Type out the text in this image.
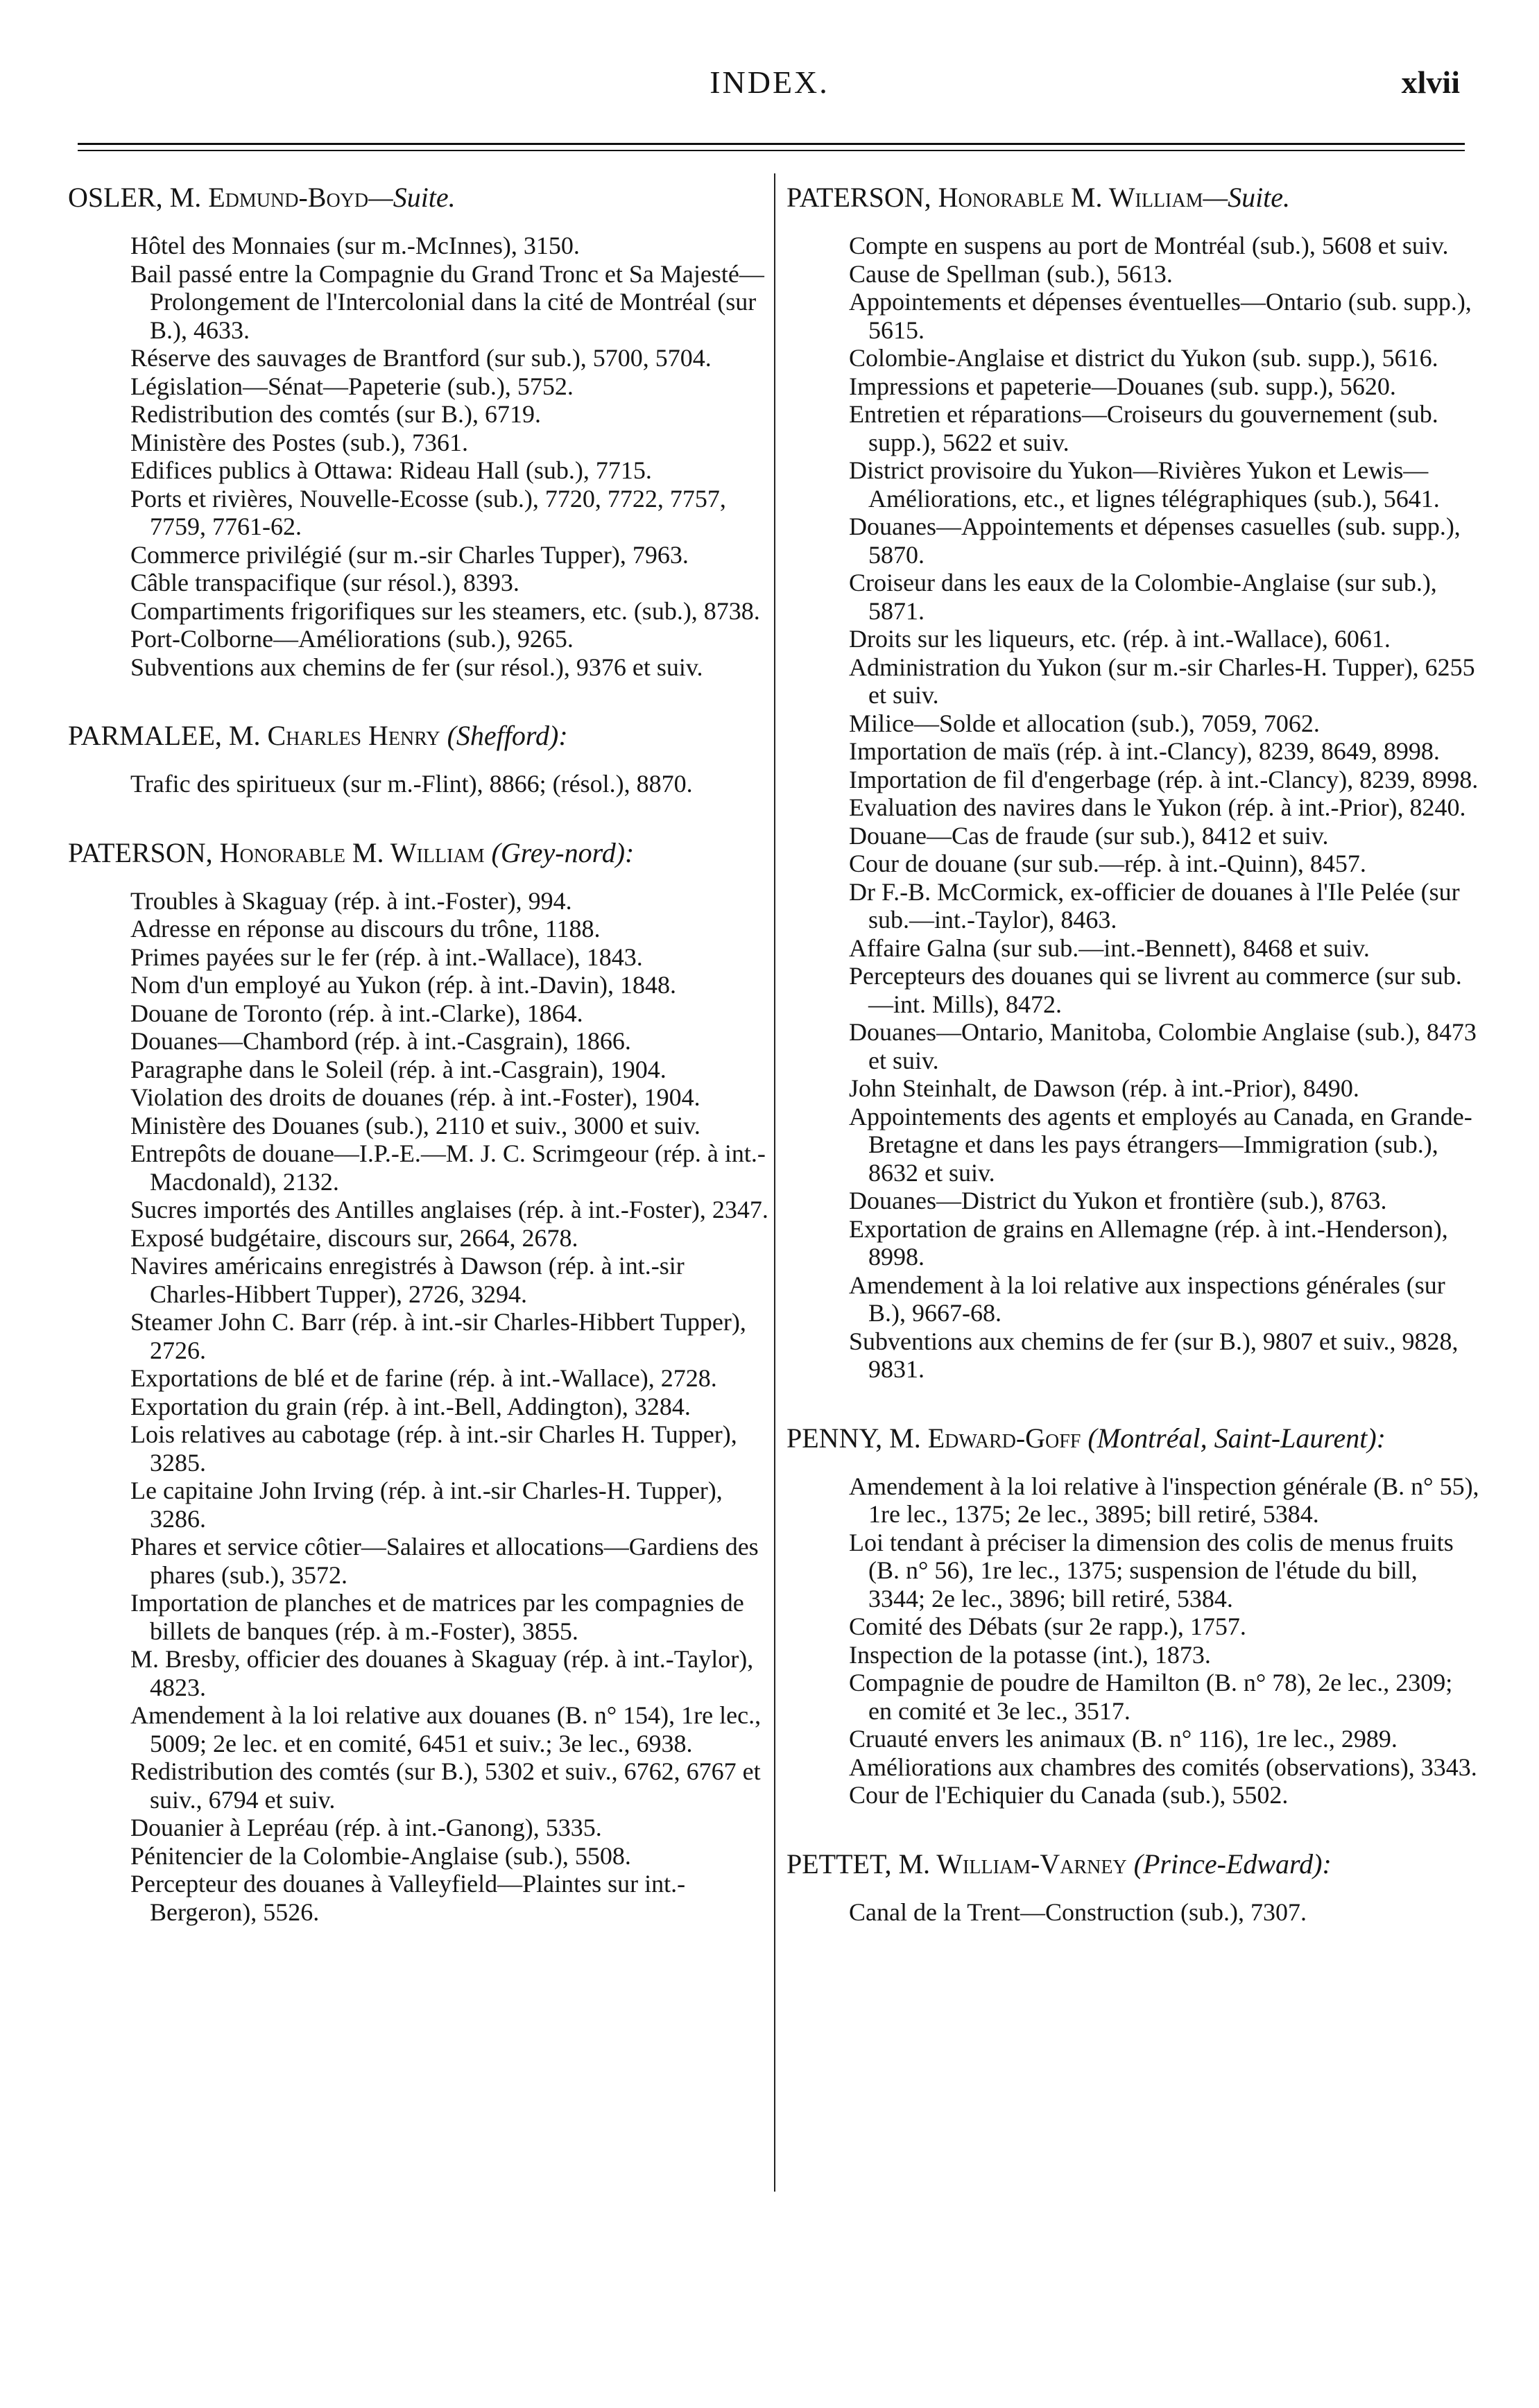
INDEX.	xlvii
OSLER, M. Edmund-Boyd—Suite.
Hôtel des Monnaies (sur m.-McInnes), 3150.
Bail passé entre la Compagnie du Grand Tronc et Sa Majesté—Prolongement de l'Intercolonial dans la cité de Montréal (sur B.), 4633.
Réserve des sauvages de Brantford (sur sub.), 5700, 5704.
Législation—Sénat—Papeterie (sub.), 5752.
Redistribution des comtés (sur B.), 6719.
Ministère des Postes (sub.), 7361.
Edifices publics à Ottawa: Rideau Hall (sub.), 7715.
Ports et rivières, Nouvelle-Ecosse (sub.), 7720, 7722, 7757, 7759, 7761-62.
Commerce privilégié (sur m.-sir Charles Tupper), 7963.
Câble transpacifique (sur résol.), 8393.
Compartiments frigorifiques sur les steamers, etc. (sub.), 8738.
Port-Colborne—Améliorations (sub.), 9265.
Subventions aux chemins de fer (sur résol.), 9376 et suiv.
PARMALEE, M. Charles Henry (Shefford):
Trafic des spiritueux (sur m.-Flint), 8866; (résol.), 8870.
PATERSON, Honorable M. William (Grey-nord):
Troubles à Skaguay (rép. à int.-Foster), 994.
Adresse en réponse au discours du trône, 1188.
Primes payées sur le fer (rép. à int.-Wallace), 1843.
Nom d'un employé au Yukon (rép. à int.-Davin), 1848.
Douane de Toronto (rép. à int.-Clarke), 1864.
Douanes—Chambord (rép. à int.-Casgrain), 1866.
Paragraphe dans le Soleil (rép. à int.-Casgrain), 1904.
Violation des droits de douanes (rép. à int.-Foster), 1904.
Ministère des Douanes (sub.), 2110 et suiv., 3000 et suiv.
Entrepôts de douane—I.P.-E.—M. J. C. Scrimgeour (rép. à int.-Macdonald), 2132.
Sucres importés des Antilles anglaises (rép. à int.-Foster), 2347.
Exposé budgétaire, discours sur, 2664, 2678.
Navires américains enregistrés à Dawson (rép. à int.-sir Charles-Hibbert Tupper), 2726, 3294.
Steamer John C. Barr (rép. à int.-sir Charles-Hibbert Tupper), 2726.
Exportations de blé et de farine (rép. à int.-Wallace), 2728.
Exportation du grain (rép. à int.-Bell, Addington), 3284.
Lois relatives au cabotage (rép. à int.-sir Charles H. Tupper), 3285.
Le capitaine John Irving (rép. à int.-sir Charles-H. Tupper), 3286.
Phares et service côtier—Salaires et allocations—Gardiens des phares (sub.), 3572.
Importation de planches et de matrices par les compagnies de billets de banques (rép. à m.-Foster), 3855.
M. Bresby, officier des douanes à Skaguay (rép. à int.-Taylor), 4823.
Amendement à la loi relative aux douanes (B. n° 154), 1re lec., 5009; 2e lec. et en comité, 6451 et suiv.; 3e lec., 6938.
Redistribution des comtés (sur B.), 5302 et suiv., 6762, 6767 et suiv., 6794 et suiv.
Douanier à Lepréau (rép. à int.-Ganong), 5335.
Pénitencier de la Colombie-Anglaise (sub.), 5508.
Percepteur des douanes à Valleyfield—Plaintes sur int.-Bergeron), 5526.
PATERSON, Honorable M. William—Suite.
Compte en suspens au port de Montréal (sub.), 5608 et suiv.
Cause de Spellman (sub.), 5613.
Appointements et dépenses éventuelles—Ontario (sub. supp.), 5615.
Colombie-Anglaise et district du Yukon (sub. supp.), 5616.
Impressions et papeterie—Douanes (sub. supp.), 5620.
Entretien et réparations—Croiseurs du gouvernement (sub. supp.), 5622 et suiv.
District provisoire du Yukon—Rivières Yukon et Lewis—Améliorations, etc., et lignes télégraphiques (sub.), 5641.
Douanes—Appointements et dépenses casuelles (sub. supp.), 5870.
Croiseur dans les eaux de la Colombie-Anglaise (sur sub.), 5871.
Droits sur les liqueurs, etc. (rép. à int.-Wallace), 6061.
Administration du Yukon (sur m.-sir Charles-H. Tupper), 6255 et suiv.
Milice—Solde et allocation (sub.), 7059, 7062.
Importation de maïs (rép. à int.-Clancy), 8239, 8649, 8998.
Importation de fil d'engerbage (rép. à int.-Clancy), 8239, 8998.
Evaluation des navires dans le Yukon (rép. à int.-Prior), 8240.
Douane—Cas de fraude (sur sub.), 8412 et suiv.
Cour de douane (sur sub.—rép. à int.-Quinn), 8457.
Dr F.-B. McCormick, ex-officier de douanes à l'Ile Pelée (sur sub.—int.-Taylor), 8463.
Affaire Galna (sur sub.—int.-Bennett), 8468 et suiv.
Percepteurs des douanes qui se livrent au commerce (sur sub.—int. Mills), 8472.
Douanes—Ontario, Manitoba, Colombie Anglaise (sub.), 8473 et suiv.
John Steinhalt, de Dawson (rép. à int.-Prior), 8490.
Appointements des agents et employés au Canada, en Grande-Bretagne et dans les pays étrangers—Immigration (sub.), 8632 et suiv.
Douanes—District du Yukon et frontière (sub.), 8763.
Exportation de grains en Allemagne (rép. à int.-Henderson), 8998.
Amendement à la loi relative aux inspections générales (sur B.), 9667-68.
Subventions aux chemins de fer (sur B.), 9807 et suiv., 9828, 9831.
PENNY, M. Edward-Goff (Montréal, Saint-Laurent):
Amendement à la loi relative à l'inspection générale (B. n° 55), 1re lec., 1375; 2e lec., 3895; bill retiré, 5384.
Loi tendant à préciser la dimension des colis de menus fruits (B. n° 56), 1re lec., 1375; suspension de l'étude du bill, 3344; 2e lec., 3896; bill retiré, 5384.
Comité des Débats (sur 2e rapp.), 1757.
Inspection de la potasse (int.), 1873.
Compagnie de poudre de Hamilton (B. n° 78), 2e lec., 2309; en comité et 3e lec., 3517.
Cruauté envers les animaux (B. n° 116), 1re lec., 2989.
Améliorations aux chambres des comités (observations), 3343.
Cour de l'Echiquier du Canada (sub.), 5502.
PETTET, M. William-Varney (Prince-Edward):
Canal de la Trent—Construction (sub.), 7307.
